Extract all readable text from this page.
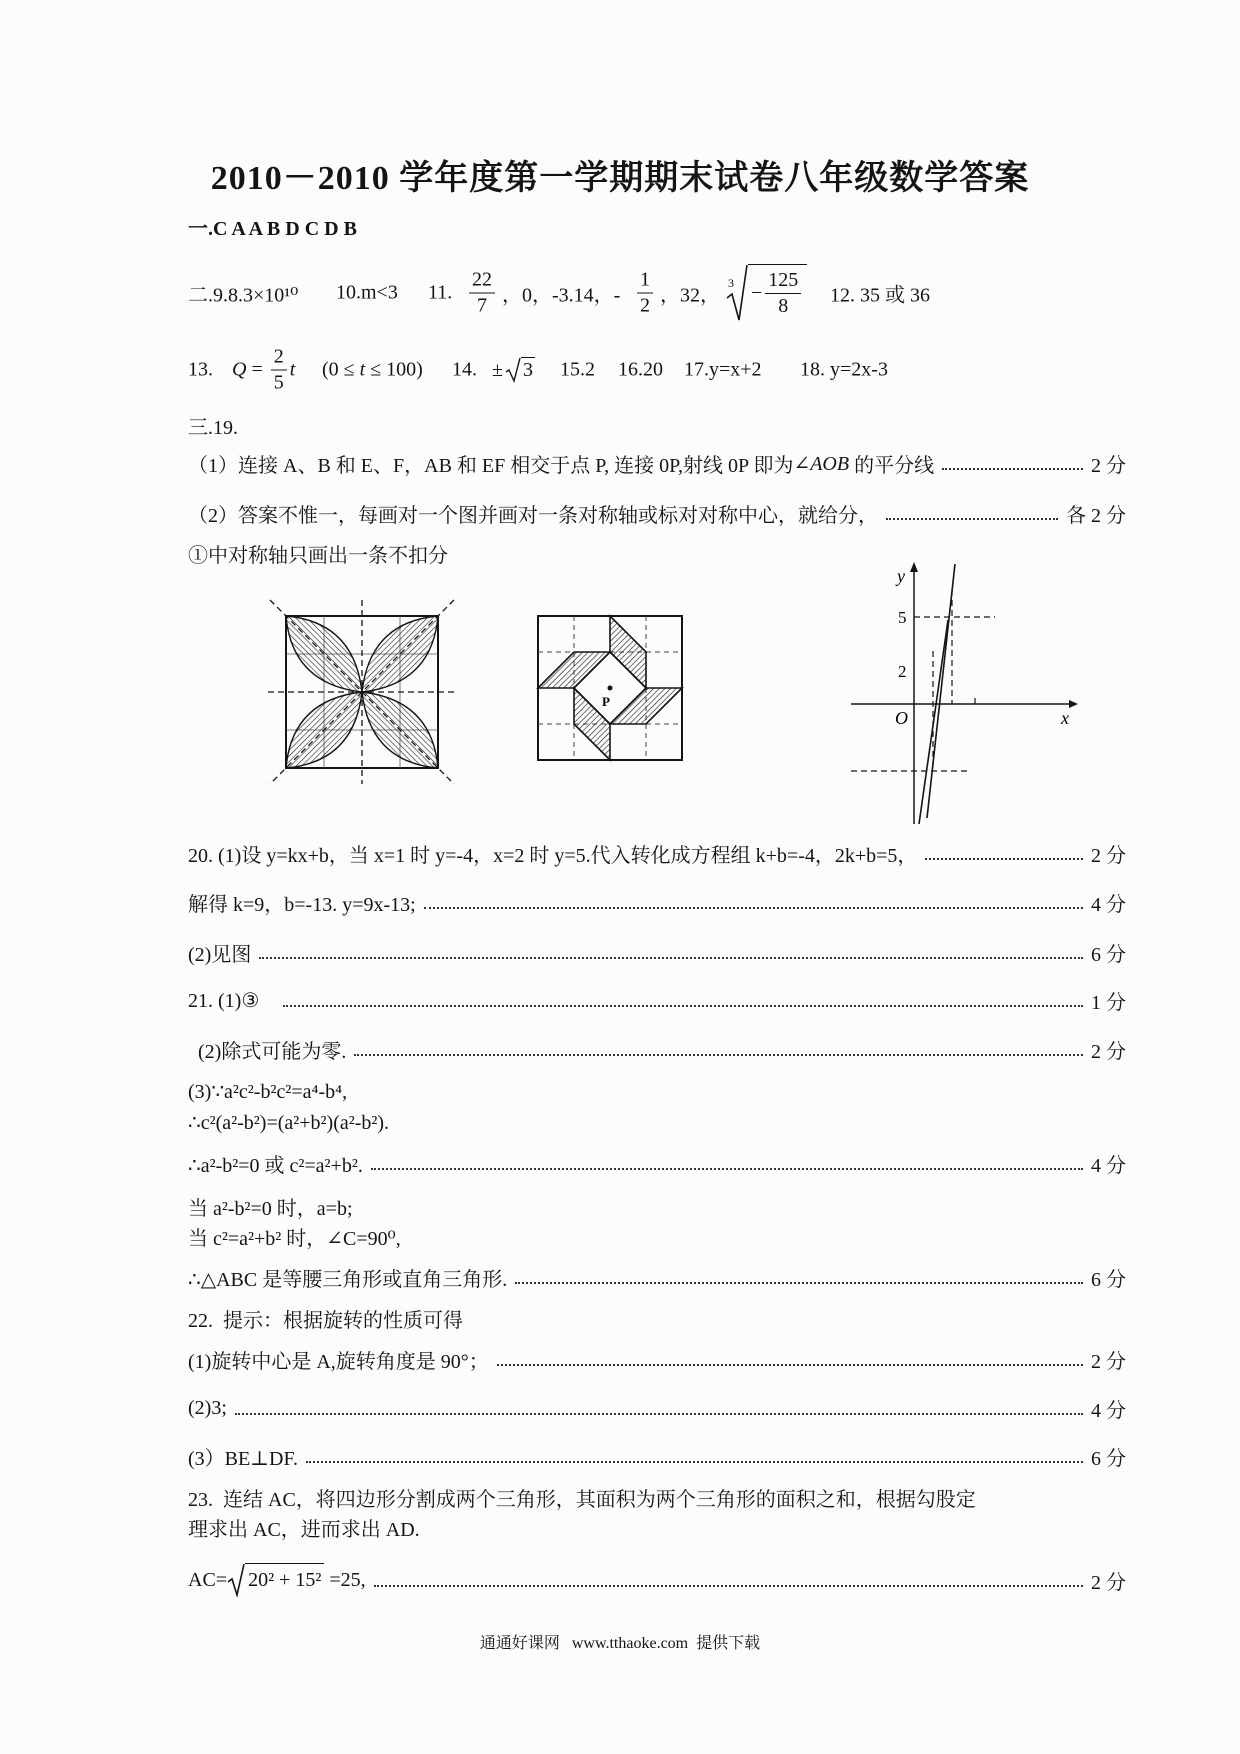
2010－2010 学年度第一学期期末试卷八年级数学答案
一.C A A B D C D B
二.9.8.3×10¹⁰ 10.m<3 11. $\frac{22}{7}$ ，0，-3.14，- $\frac{1}{2}$ ，32，
$3 - \frac{125}{8} 12$. 35 或 36
13. $Q = \frac{2}{5}$ t (0 ≤ t ≤ 100) 14. ± 3 15.2 16.20 17.y=x+2 18. y=2x-3
三.19.
（1）连接 A、B 和 E、F，AB 和 EF 相交于点 P, 连接 0P,射线 0P 即为 ∠AOB 的平分线	2 分
（2）答案不惟一，每画对一个图并画对一条对称轴或标对对称中心，就给分，	各 2 分
①中对称轴只画出一条不扣分
P
y
x
O
5
2
20. (1)设 y=kx+b，当 x=1 时 y=-4，x=2 时 y=5.代入转化成方程组 k+b=-4，2k+b=5，	2 分
解得 k=9，b=-13. y=9x-13;	4 分
(2)见图	6 分
21. (1)③	1 分
(2)除式可能为零.	2 分
(3)∵a²c²-b²c²=a⁴-b⁴,
∴c²(a²-b²)=(a²+b²)(a²-b²).
∴a²-b²=0 或 c²=a²+b².	4 分
当 a²-b²=0 时，a=b;
当 c²=a²+b² 时，∠C=90⁰,
∴△ABC 是等腰三角形或直角三角形.	6 分
22.  提示：根据旋转的性质可得
(1)旋转中心是 A,旋转角度是 90°；	2 分
(2)3;	4 分
(3）BE⊥DF.	6 分
23.  连结 AC，将四边形分割成两个三角形，其面积为两个三角形的面积之和，根据勾股定
理求出 AC，进而求出 AD.
AC= 20² + 15² =25,	2 分
通通好课网   www.tthaoke.com  提供下载
